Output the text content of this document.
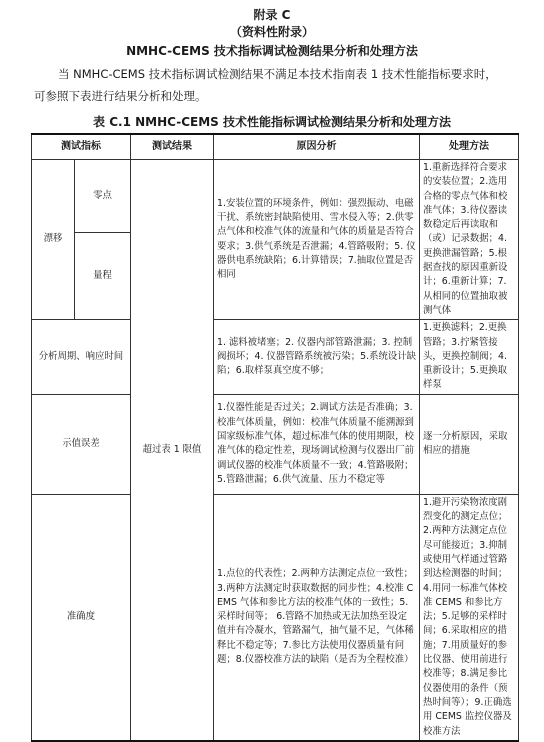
附录 C
（资料性附录）
NMHC-CEMS 技术指标调试检测结果分析和处理方法
当 NMHC-CEMS 技术指标调试检测结果不满足本技术指南表 1 技术性能指标要求时，
可参照下表进行结果分析和处理。
表 C.1 NMHC-CEMS 技术性能指标调试检测结果分析和处理方法
测试指标		测试结果	原因分析	处理方法
漂移	零点	超过表 1 限值	1.安装位置的环境条件，例如：强烈振动、电磁干扰、系统密封缺陷使用、雪水侵入等；2.供零点气体和校准气体的流量和气体的质量是否符合要求；3.供气系统是否泄漏；4.管路吸附；5. 仪器供电系统缺陷；6.计算错误；7.抽取位置是否相同	1.重新选择符合要求的安装位置；2.选用合格的零点气体和校准气体；3.待仪器读数稳定后再读取和（或）记录数据；4.更换泄漏管路；5.根据查找的原因重新设计；6.重新计算；7.从相同的位置抽取被测气体
	量程			
分析周期、响应时间			1. 滤料被堵塞；2. 仪器内部管路泄漏；3. 控制阀损坏；4. 仪器管路系统被污染；5.系统设计缺陷；6.取样泵真空度不够；	1.更换滤料；2.更换管路；3.拧紧管接头，更换控制阀；4.重新设计；5.更换取样泵
示值误差			1.仪器性能是否过关；2.调试方法是否准确；3.校准气体质量，例如：校准气体质量不能溯源到国家级标准气体，超过标准气体的使用期限，校准气体的稳定性差，现场调试检测与仪器出厂前调试仪器的校准气体质量不一致；4.管路吸附；5.管路泄漏；6.供气流量、压力不稳定等	逐一分析原因，采取相应的措施
准确度			1.点位的代表性；2.两种方法测定点位一致性；3.两种方法测定时获取数据的同步性；4.校准 CEMS 气体和参比方法的校准气体的一致性；5.采样时间等； 6.管路不加热或无法加热至设定值并有冷凝水，管路漏气，抽气量不足，气体稀释比不稳定等；7.参比方法使用仪器质量有问题；8.仪器校准方法的缺陷（是否为全程校准）	1.避开污染物浓度剧烈变化的测定点位；2.两种方法测定点位尽可能接近；3.抑制或使用气样通过管路到达检测器的时间；4.用同一标准气体校准 CEMS 和参比方法；5.足够的采样时间；6.采取相应的措施；7.用质量好的参比仪器、使用前进行校准等；8.满足参比仪器使用的条件（预热时间等）；9.正确选用 CEMS 监控仪器及校准方法
